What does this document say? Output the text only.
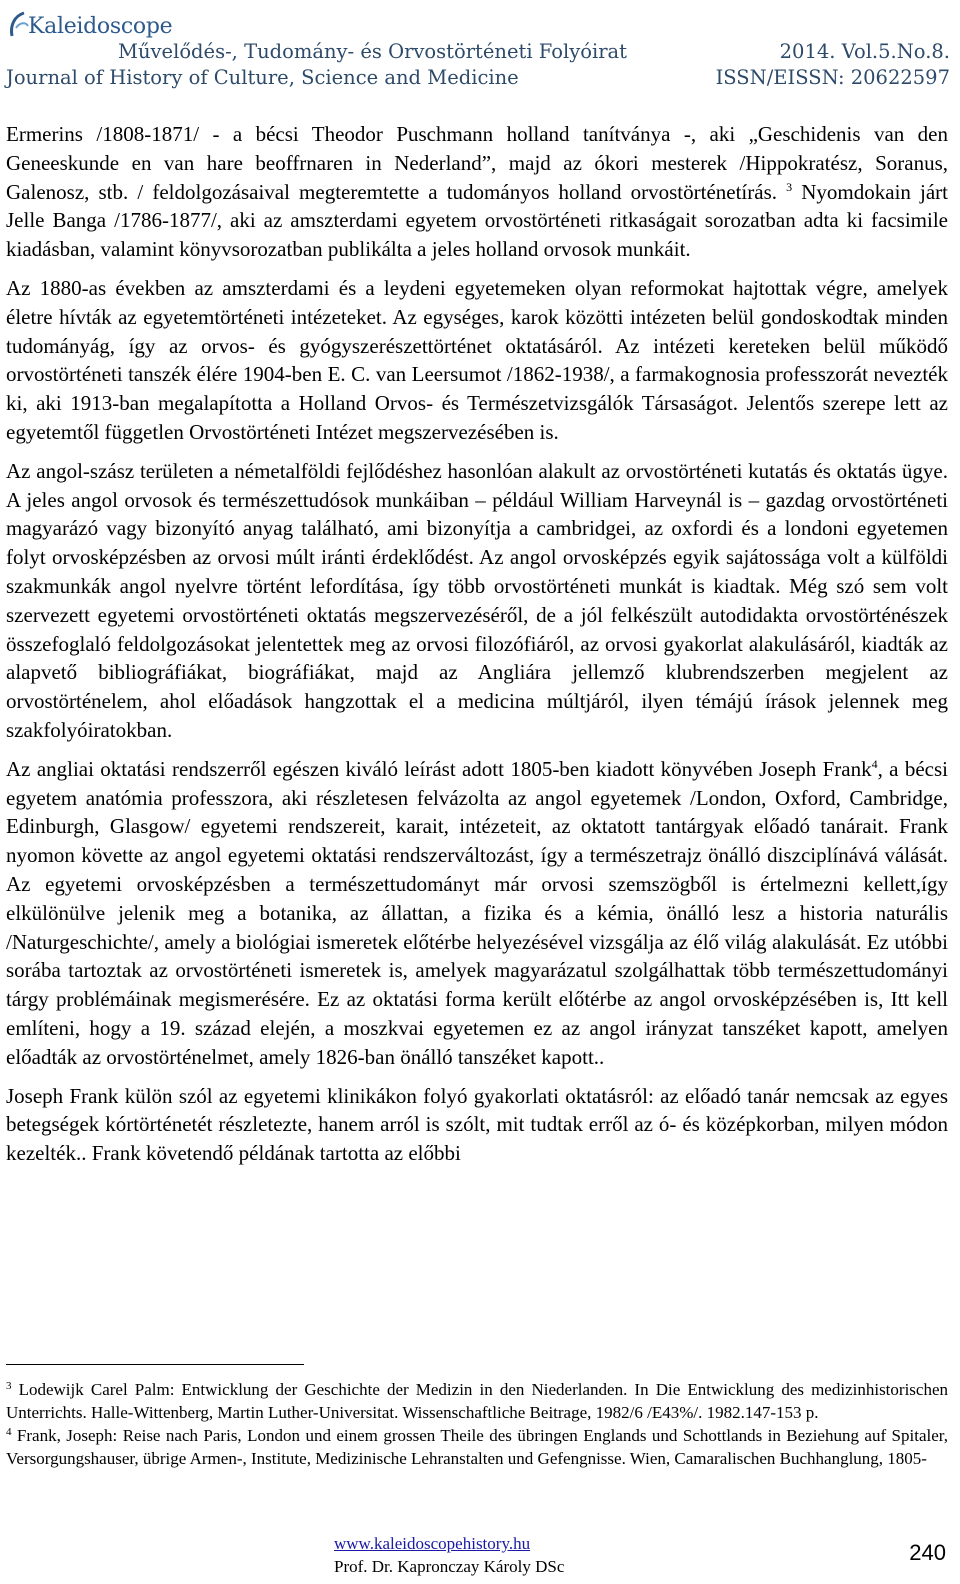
Kaleidoscope
Művelődés-, Tudomány- és Orvostörténeti Folyóirat
Journal of History of Culture, Science and Medicine
2014. Vol.5.No.8.
ISSN/EISSN: 20622597

Ermerins /1808-1871/ - a bécsi Theodor Puschmann holland tanítványa -, aki „Geschidenis van den Geneeskunde en van hare beoffrnaren in Nederland”, majd az ókori mesterek /Hippokratész, Soranus, Galenosz, stb. / feldolgozásaival megteremtette a tudományos holland orvostörténetírás. $^3$ Nyomdokain járt Jelle Banga /1786-1877/, aki az amszterdami egyetem orvostörténeti ritkaságait sorozatban adta ki facsimile kiadásban, valamint könyvsorozatban publikálta a jeles holland orvosok munkáit.

Az 1880-as években az amszterdami és a leydeni egyetemeken olyan reformokat hajtottak végre, amelyek életre hívták az egyetemtörténeti intézeteket. Az egységes, karok közötti intézeten belül gondoskodtak minden tudományág, így az orvos- és gyógyszerészettörténet oktatásáról. Az intézeti kereteken belül működő orvostörténeti tanszék élére 1904-ben E. C. van Leersumot /1862-1938/, a farmakognosia professzorát nevezték ki, aki 1913-ban megalapította a Holland Orvos- és Természetvizsgálók Társaságot. Jelentős szerepe lett az egyetemtől független Orvostörténeti Intézet megszervezésében is.

Az angol-szász területen a németalföldi fejlődéshez hasonlóan alakult az orvostörténeti kutatás és oktatás ügye. A jeles angol orvosok és természettudósok munkáiban – például William Harveynál is – gazdag orvostörténeti magyarázó vagy bizonyító anyag található, ami bizonyítja a cambridgei, az oxfordi és a londoni egyetemen folyt orvosképzésben az orvosi múlt iránti érdeklődést. Az angol orvosképzés egyik sajátossága volt a külföldi szakmunkák angol nyelvre történt lefordítása, így több orvostörténeti munkát is kiadtak. Még szó sem volt szervezett egyetemi orvostörténeti oktatás megszervezéséről, de a jól felkészült autodidakta orvostörténészek összefoglaló feldolgozásokat jelentettek meg az orvosi filozófiáról, az orvosi gyakorlat alakulásáról, kiadták az alapvető bibliográfiákat, biográfiákat, majd az Angliára jellemző klubrendszerben megjelent az orvostörténelem, ahol előadások hangzottak el a medicina múltjáról, ilyen témájú írások jelennek meg szakfolyóiratokban.

Az angliai oktatási rendszerről egészen kiváló leírást adott 1805-ben kiadott könyvében Joseph Frank$^4$, a bécsi egyetem anatómia professzora, aki részletesen felvázolta az angol egyetemek /London, Oxford, Cambridge, Edinburgh, Glasgow/ egyetemi rendszereit, karait, intézeteit, az oktatott tantárgyak előadó tanárait. Frank nyomon követte az angol egyetemi oktatási rendszerváltozást, így a természetrajz önálló diszciplínává válását. Az egyetemi orvosképzésben a természettudományt már orvosi szemszögből is értelmezni kellett,így elkülönülve jelenik meg a botanika, az állattan, a fizika és a kémia, önálló lesz a historia naturális /Naturgeschichte/, amely a biológiai ismeretek előtérbe helyezésével vizsgálja az élő világ alakulását. Ez utóbbi sorába tartoztak az orvostörténeti ismeretek is, amelyek magyarázatul szolgálhattak több természettudományi tárgy problémáinak megismerésére. Ez az oktatási forma került előtérbe az angol orvosképzésében is, Itt kell említeni, hogy a 19. század elején, a moszkvai egyetemen ez az angol irányzat tanszéket kapott, amelyen előadták az orvostörténelmet, amely 1826-ban önálló tanszéket kapott..

Joseph Frank külön szól az egyetemi klinikákon folyó gyakorlati oktatásról: az előadó tanár nemcsak az egyes betegségek kórtörténetét részletezte, hanem arról is szólt, mit tudtak erről az ó- és középkorban, milyen módon kezelték.. Frank követendő példának tartotta az előbbi

$^3$ Lodewijk Carel Palm: Entwicklung der Geschichte der Medizin in den Niederlanden. In Die Entwicklung des medizinhistorischen Unterrichts. Halle-Wittenberg, Martin Luther-Universitat. Wissenschaftliche Beitrage, 1982/6 /E43%/. 1982.147-153 p.

$^4$ Frank, Joseph: Reise nach Paris, London und einem grossen Theile des übringen Englands und Schottlands in Beziehung auf Spitaler, Versorgungshauser, übrige Armen-, Institute, Medizinische Lehranstalten und Gefengnisse. Wien, Camaralischen Buchhanglung, 1805-

www.kaleidoscopehistory.hu
Prof. Dr. Kapronczay Károly DSc
240
